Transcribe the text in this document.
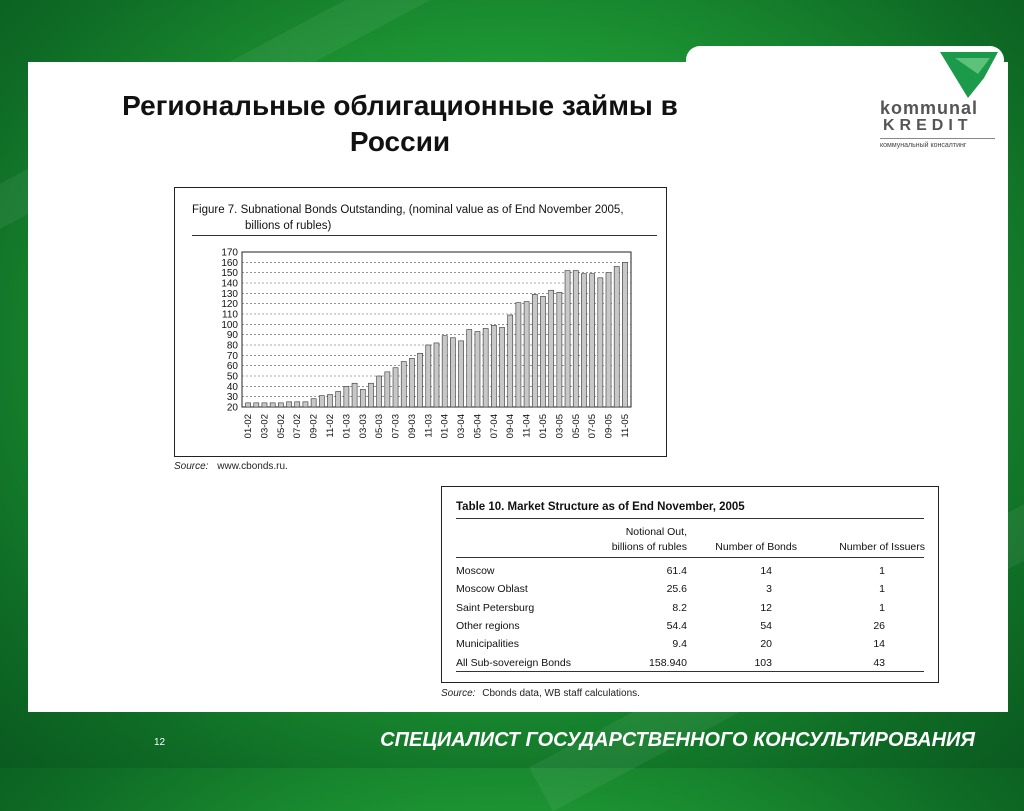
Региональные облигационные займы в России
kommunal
KREDIT
коммунальный консалтинг
Figure 7. Subnational Bonds Outstanding, (nominal value as of End November 2005,
billions of rubles)
20
30
40
50
60
70
80
90
100
110
120
130
140
150
160
170
01-02 03-02 05-02 07-02 09-02 11-02 01-03 03-03 05-03 07-03 09-03 11-03 01-04 03-04 05-04 07-04 09-04 11-04 01-05 03-05 05-05 07-05 09-05 11-05
Source: www.cbonds.ru.
Table 10. Market Structure as of End November, 2005
Notional Out,
billions of rubles	Number of Bonds	Number of Issuers
Moscow	61.4	14	1
Moscow Oblast	25.6	3	1
Saint Petersburg	8.2	12	1
Other regions	54.4	54	26
Municipalities	9.4	20	14
All Sub-sovereign Bonds	158.940	103	43
Source: Cbonds data, WB staff calculations.
12	СПЕЦИАЛИСТ ГОСУДАРСТВЕННОГО КОНСУЛЬТИРОВАНИЯ
